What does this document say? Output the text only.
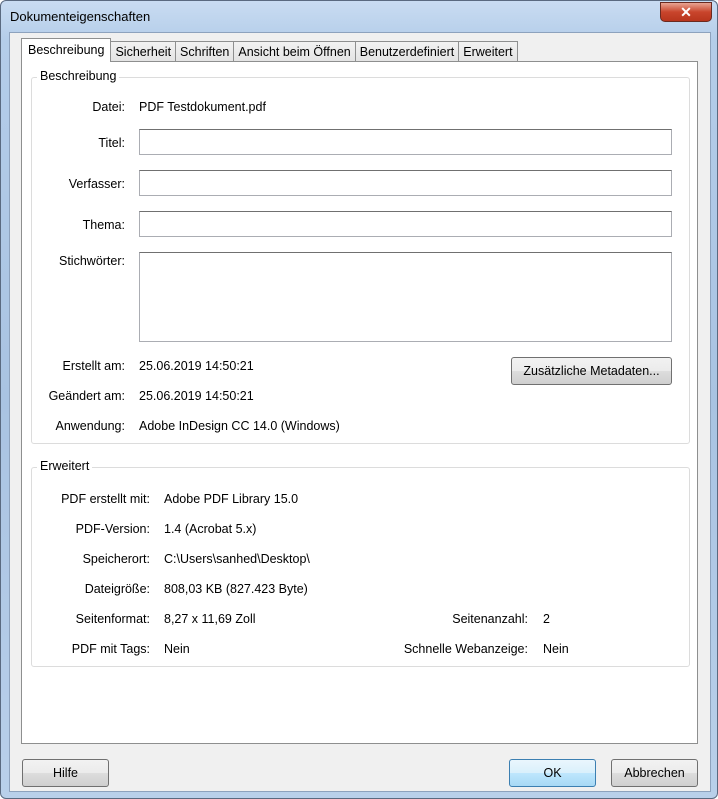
Dokumenteigenschaften	✕
Beschreibung Sicherheit Schriften Ansicht beim Öffnen Benutzerdefiniert Erweitert
Beschreibung
Datei: PDF Testdokument.pdf
Titel:
Verfasser:
Thema:
Stichwörter:
Erstellt am: 25.06.2019 14:50:21	Zusätzliche Metadaten...
Geändert am: 25.06.2019 14:50:21
Anwendung: Adobe InDesign CC 14.0 (Windows)
Erweitert
PDF erstellt mit: Adobe PDF Library 15.0
PDF-Version: 1.4 (Acrobat 5.x)
Speicherort: C:\Users\sanhed\Desktop\
Dateigröße: 808,03 KB (827.423 Byte)
Seitenformat: 8,27 x 11,69 Zoll	Seitenanzahl: 2
PDF mit Tags: Nein	Schnelle Webanzeige: Nein
Hilfe	OK	Abbrechen
